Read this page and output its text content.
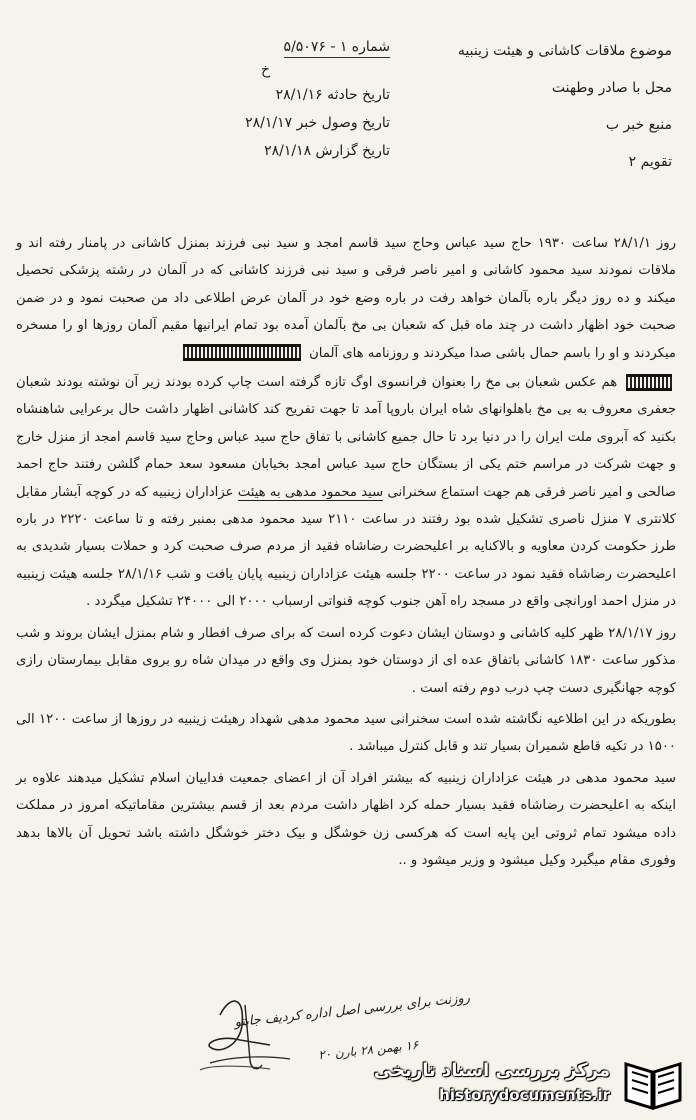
موضوع ملاقات کاشانی و هیئت زینبیه
محل با صادر وطهنت
منبع خبر ب
تقویم ۲
شماره ۱ - ۵/۵۰۷۶
خ
تاریخ حادثه ۲۸/۱/۱۶
تاریخ وصول خبر ۲۸/۱/۱۷
تاریخ گزارش ۲۸/۱/۱۸

روز ۲۸/۱/۱ ساعت ۱۹۳۰ حاج سید عباس وحاج سید قاسم امجد و سید نبی فرزند بمنزل کاشانی در پامنار رفته اند و ملاقات نمودند سید محمود کاشانی و امیر ناصر فرقی و سید نبی فرزند کاشانی که در آلمان در رشته پزشکی تحصیل میکند و ده روز دیگر باره بآلمان خواهد رفت در باره وضع خود در آلمان عرض اطلاعی داد من صحبت نمود و در ضمن صحبت خود اظهار داشت در چند ماه قبل که شعبان بی مخ بآلمان آمده بود تمام ایرانیها مقیم آلمان روزها او را مسخره میکردند و او را باسم حمال باشی صدا میکردند و روزنامه های آلمان

هم عکس شعبان بی مخ را بعنوان فرانسوی اوگ تازه گرفته است چاپ کرده بودند زیر آن نوشته بودند شعبان جعفری معروف به بی مخ باهلوانهای شاه ایران باروپا آمد تا جهت تفریح کند کاشانی اظهار داشت حال برعرایی شاهنشاه بکنید که آبروی ملت ایران را در دنیا برد تا حال جمیع کاشانی با تفاق حاج سید عباس وحاج سید قاسم امجد از منزل خارج و جهت شرکت در مراسم ختم یکی از بستگان حاج سید عباس امجد بخیابان مسعود سعد حمام گلشن رفتند حاج احمد صالحی و امیر ناصر فرقی هم جهت استماع سخنرانی سید محمود مدهی به هیئت عزاداران زینبیه که در کوچه آبشار مقابل کلانتری ۷ منزل ناصری تشکیل شده بود رفتند در ساعت ۲۱۱۰ سید محمود مدهی بمنبر رفته و تا ساعت ۲۲۲۰ در باره طرز حکومت کردن معاویه و بالاکنایه بر اعلیحضرت رضاشاه فقید از مردم صرف صحبت کرد و حملات بسیار شدیدی به اعلیحضرت رضاشاه فقید نمود در ساعت ۲۲۰۰ جلسه هیئت عزاداران زینبیه پایان یافت و شب ۲۸/۱/۱۶ جلسه هیئت زینبیه در منزل احمد اورانچی واقع در مسجد راه آهن جنوب کوچه قنواتی ارسباب ۲۰۰۰ الی ۲۴۰۰۰ تشکیل میگردد .

روز ۲۸/۱/۱۷ ظهر کلیه کاشانی و دوستان ایشان دعوت کرده است که برای صرف افطار و شام بمنزل ایشان بروند و شب مذکور ساعت ۱۸۳۰ کاشانی باتفاق عده ای از دوستان خود بمنزل وی واقع در میدان شاه رو بروی مقابل بیمارستان رازی کوچه جهانگیری دست چپ درب دوم رفته است .

بطوریکه در این اطلاعیه نگاشته شده است سخنرانی سید محمود مدهی شهداد رهیئت زینبیه در روزها از ساعت ۱۲۰۰ الی ۱۵۰۰ در تکیه قاطع شمیران بسیار تند و قابل کنترل میباشد .

سید محمود مدهی در هیئت عزاداران زینبیه که بیشتر افراد آن از اعضای جمعیت فداییان اسلام تشکیل میدهند علاوه بر اینکه به اعلیحضرت رضاشاه فقید بسیار حمله کرد اظهار داشت مردم بعد از قسم بیشترین مقاماتیکه امروز در مملکت داده میشود تمام ثروتی این پایه است که هرکسی زن خوشگل و بیک دختر خوشگل داشته باشد تحویل آن بالاها بدهد وفوری مقام میگیرد وکیل میشود و وزیر میشود و ..

روزنت برای بررسی اصل اداره کردیف جابتو
۱۶ بهمن ۲۸ بارن ۲۰
مرکز بررسی اسناد تاریخی
historydocuments.ir
